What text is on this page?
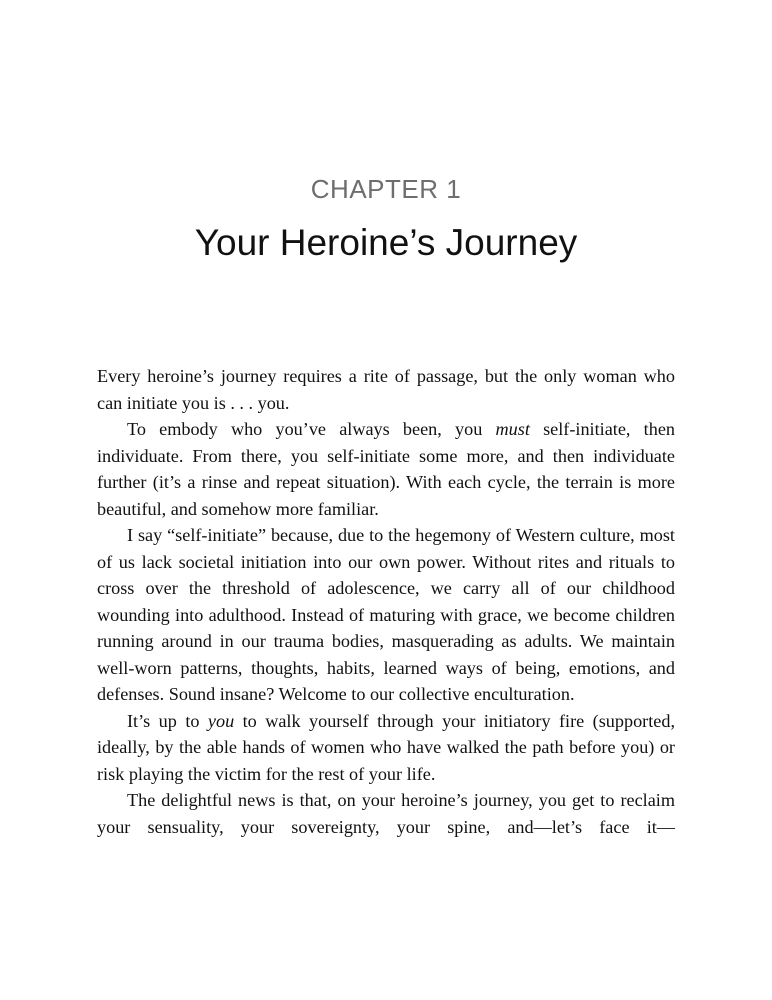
CHAPTER 1
Your Heroine’s Journey

Every heroine’s journey requires a rite of passage, but the only woman who can initiate you is . . . you.

To embody who you’ve always been, you must self-initiate, then individuate. From there, you self-initiate some more, and then individuate further (it’s a rinse and repeat situation). With each cycle, the terrain is more beautiful, and somehow more familiar.

I say “self-initiate” because, due to the hegemony of Western culture, most of us lack societal initiation into our own power. Without rites and rituals to cross over the threshold of adolescence, we carry all of our childhood wounding into adulthood. Instead of maturing with grace, we become children running around in our trauma bodies, masquerading as adults. We maintain well-worn patterns, thoughts, habits, learned ways of being, emotions, and defenses. Sound insane? Welcome to our collective enculturation.

It’s up to you to walk yourself through your initiatory fire (supported, ideally, by the able hands of women who have walked the path before you) or risk playing the victim for the rest of your life.

The delightful news is that, on your heroine’s journey, you get to reclaim your sensuality, your sovereignty, your spine, and—let’s face it—
